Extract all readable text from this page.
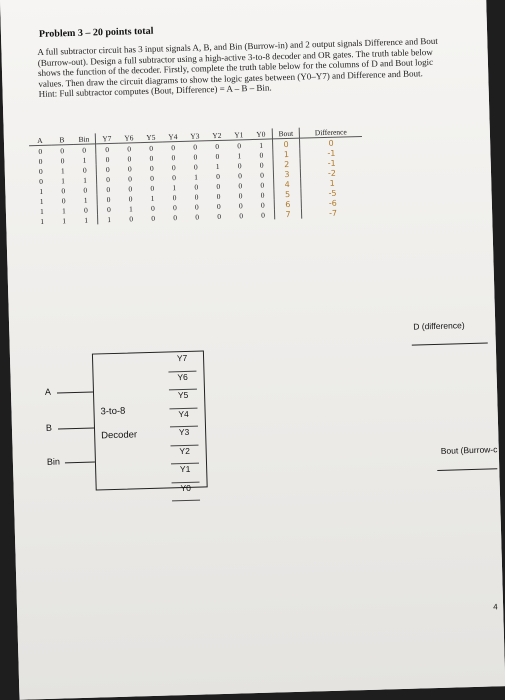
Problem 3 – 20 points total
A full subtractor circuit has 3 input signals A, B, and Bin (Burrow-in) and 2 output signals Difference and Bout (Burrow-out). Design a full subtractor using a high-active 3-to-8 decoder and OR gates. The truth table below shows the function of the decoder. Firstly, complete the truth table below for the columns of D and Bout logic values. Then draw the circuit diagrams to show the logic gates between (Y0–Y7) and Difference and Bout. Hint: Full subtractor computes (Bout, Difference) = A – B – Bin.
A	B	Bin	Y7	Y6	Y5	Y4	Y3	Y2	Y1	Y0	Bout	Difference
0	0	0	0	0	0	0	0	0	0	1	0	0
0	0	1	0	0	0	0	0	0	1	0	1	-1
0	1	0	0	0	0	0	0	1	0	0	2	-1
0	1	1	0	0	0	0	1	0	0	0	3	-2
1	0	0	0	0	0	1	0	0	0	0	4	1
1	0	1	0	0	1	0	0	0	0	0	5	-5
1	1	0	0	1	0	0	0	0	0	0	6	-6
1	1	1	1	0	0	0	0	0	0	0	7	-7
A
B
Bin
3-to-8
Decoder
Y7
Y6
Y5
Y4
Y3
Y2
Y1
Y0
D (difference)
Bout (Burrow-c
4
